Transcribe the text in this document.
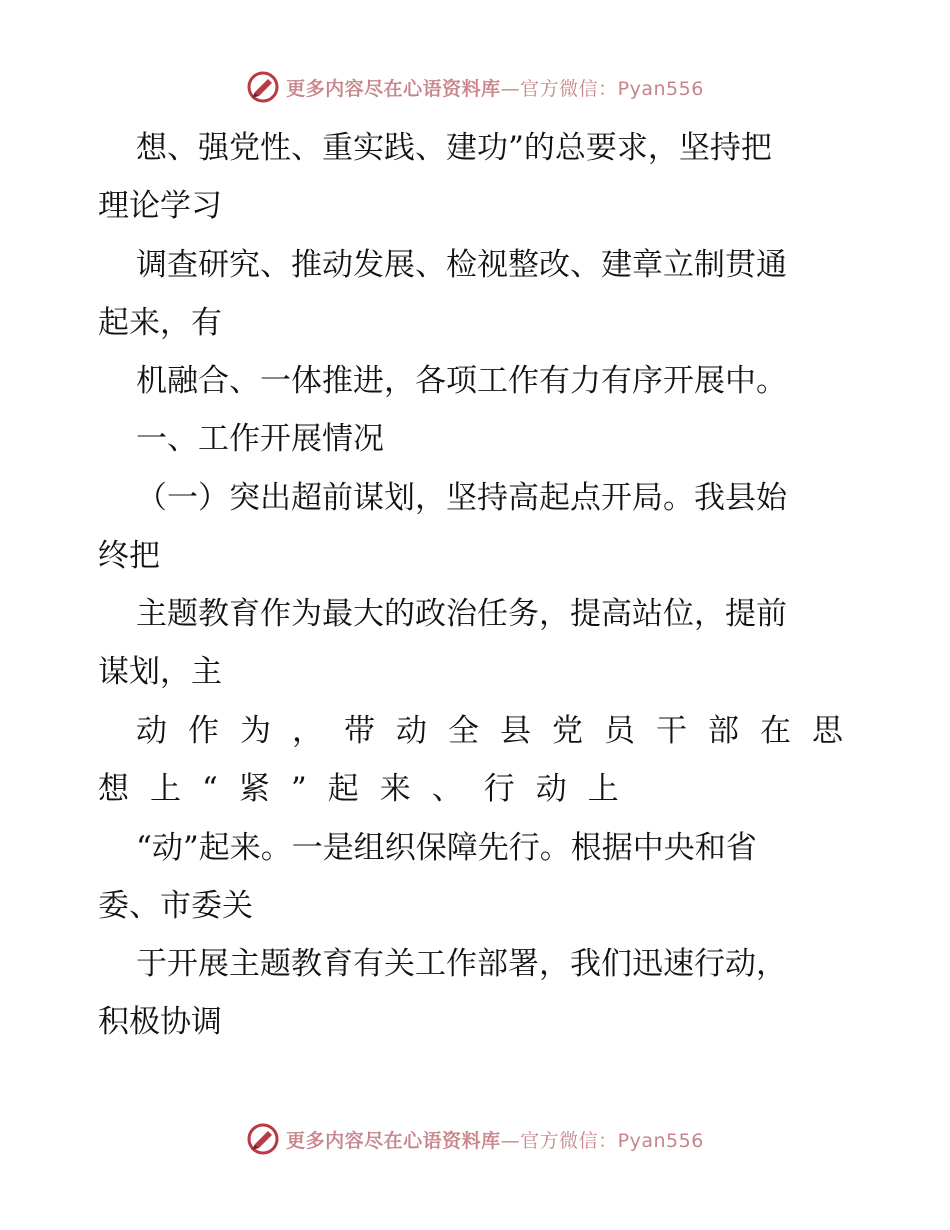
更多内容尽在心语资料库—官方微信：Pyan556
想、强党性、重实践、建功”的总要求，坚持把
理论学习
调查研究、推动发展、检视整改、建章立制贯通
起来，有
机融合、一体推进，各项工作有力有序开展中。
一、工作开展情况
（一）突出超前谋划，坚持高起点开局。我县始
终把
主题教育作为最大的政治任务，提高站位，提前
谋划，主
动作为，带动全县党员干部在思
想上“紧”起来、行动上
“动”起来。一是组织保障先行。根据中央和省
委、市委关
于开展主题教育有关工作部署，我们迅速行动，
积极协调
更多内容尽在心语资料库—官方微信：Pyan556
